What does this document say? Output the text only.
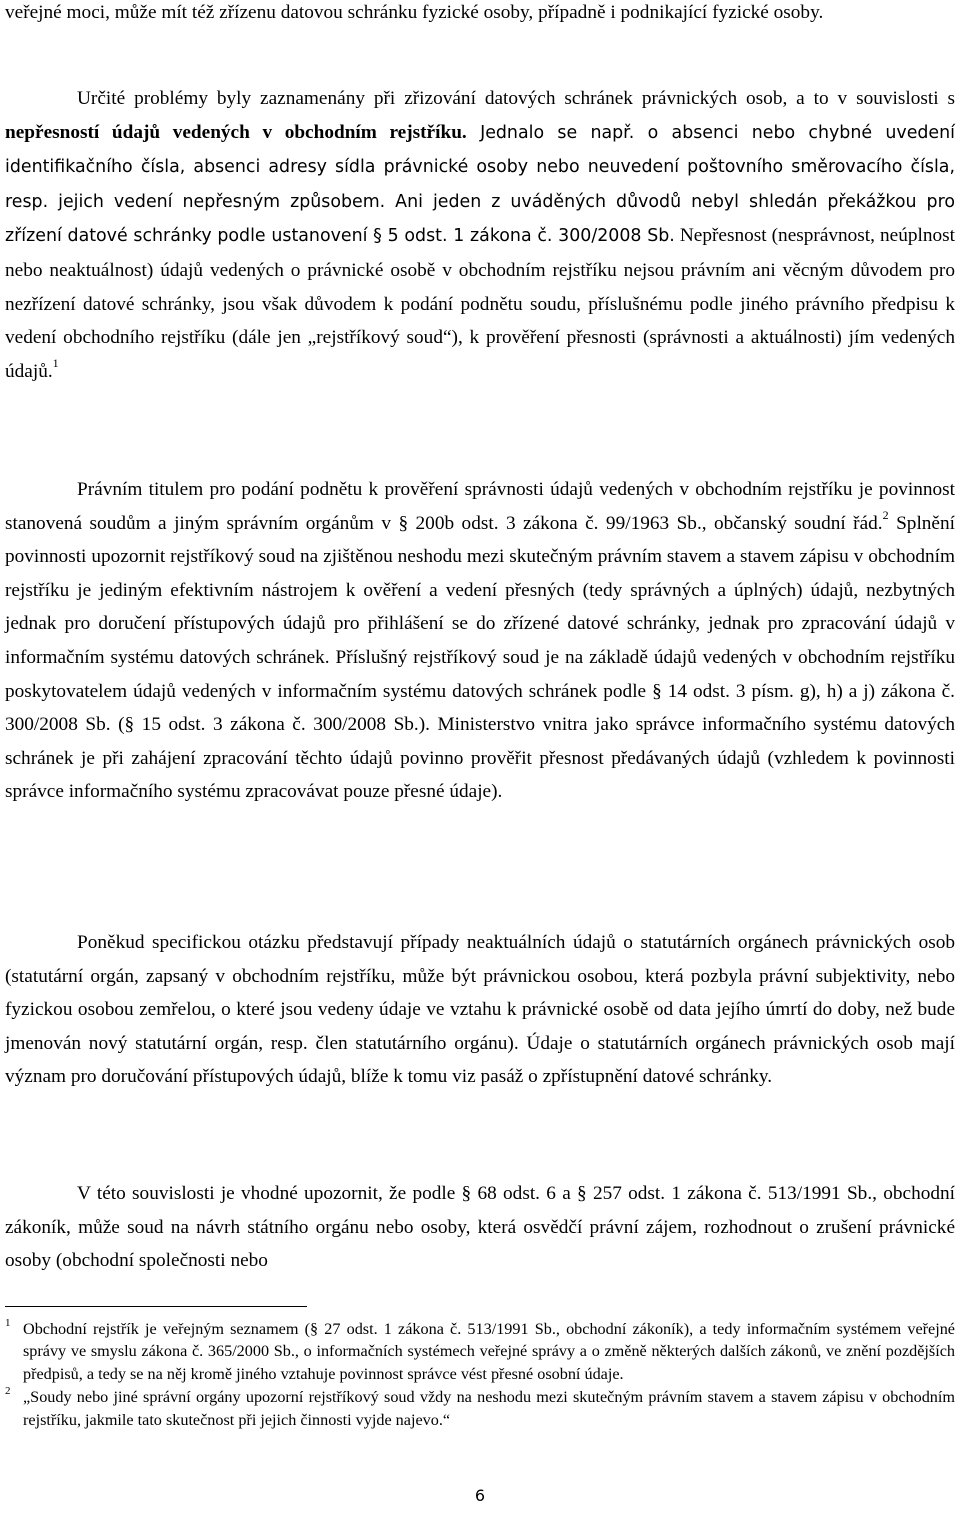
veřejné moci, může mít též zřízenu datovou schránku fyzické osoby, případně i podnikající fyzické osoby.

Určité problémy byly zaznamenány při zřizování datových schránek právnických osob, a to v souvislosti s nepřesností údajů vedených v obchodním rejstříku. Jednalo se např. o absenci nebo chybné uvedení identifikačního čísla, absenci adresy sídla právnické osoby nebo neuvedení poštovního směrovacího čísla, resp. jejich vedení nepřesným způsobem. Ani jeden z uváděných důvodů nebyl shledán překážkou pro zřízení datové schránky podle ustanovení § 5 odst. 1 zákona č. 300/2008 Sb. Nepřesnost (nesprávnost, neúplnost nebo neaktuálnost) údajů vedených o právnické osobě v obchodním rejstříku nejsou právním ani věcným důvodem pro nezřízení datové schránky, jsou však důvodem k podání podnětu soudu, příslušnému podle jiného právního předpisu k vedení obchodního rejstříku (dále jen „rejstříkový soud“), k prověření přesnosti (správnosti a aktuálnosti) jím vedených údajů.$^1$

Právním titulem pro podání podnětu k prověření správnosti údajů vedených v obchodním rejstříku je povinnost stanovená soudům a jiným správním orgánům v § 200b odst. 3 zákona č. 99/1963 Sb., občanský soudní řád.$^2$ Splnění povinnosti upozornit rejstříkový soud na zjištěnou neshodu mezi skutečným právním stavem a stavem zápisu v obchodním rejstříku je jediným efektivním nástrojem k ověření a vedení přesných (tedy správných a úplných) údajů, nezbytných jednak pro doručení přístupových údajů pro přihlášení se do zřízené datové schránky, jednak pro zpracování údajů v informačním systému datových schránek. Příslušný rejstříkový soud je na základě údajů vedených v obchodním rejstříku poskytovatelem údajů vedených v informačním systému datových schránek podle § 14 odst. 3 písm. g), h) a j) zákona č. 300/2008 Sb. (§ 15 odst. 3 zákona č. 300/2008 Sb.). Ministerstvo vnitra jako správce informačního systému datových schránek je při zahájení zpracování těchto údajů povinno prověřit přesnost předávaných údajů (vzhledem k povinnosti správce informačního systému zpracovávat pouze přesné údaje).

Poněkud specifickou otázku představují případy neaktuálních údajů o statutárních orgánech právnických osob (statutární orgán, zapsaný v obchodním rejstříku, může být právnickou osobou, která pozbyla právní subjektivity, nebo fyzickou osobou zemřelou, o které jsou vedeny údaje ve vztahu k právnické osobě od data jejího úmrtí do doby, než bude jmenován nový statutární orgán, resp. člen statutárního orgánu). Údaje o statutárních orgánech právnických osob mají význam pro doručování přístupových údajů, blíže k tomu viz pasáž o zpřístupnění datové schránky.

V této souvislosti je vhodné upozornit, že podle § 68 odst. 6 a § 257 odst. 1 zákona č. 513/1991 Sb., obchodní zákoník, může soud na návrh státního orgánu nebo osoby, která osvědčí právní zájem, rozhodnout o zrušení právnické osoby (obchodní společnosti nebo

1 Obchodní rejstřík je veřejným seznamem (§ 27 odst. 1 zákona č. 513/1991 Sb., obchodní zákoník), a tedy informačním systémem veřejné správy ve smyslu zákona č. 365/2000 Sb., o informačních systémech veřejné správy a o změně některých dalších zákonů, ve znění pozdějších předpisů, a tedy se na něj kromě jiného vztahuje povinnost správce vést přesné osobní údaje.

2 „Soudy nebo jiné správní orgány upozorní rejstříkový soud vždy na neshodu mezi skutečným právním stavem a stavem zápisu v obchodním rejstříku, jakmile tato skutečnost při jejich činnosti vyjde najevo.“

6
